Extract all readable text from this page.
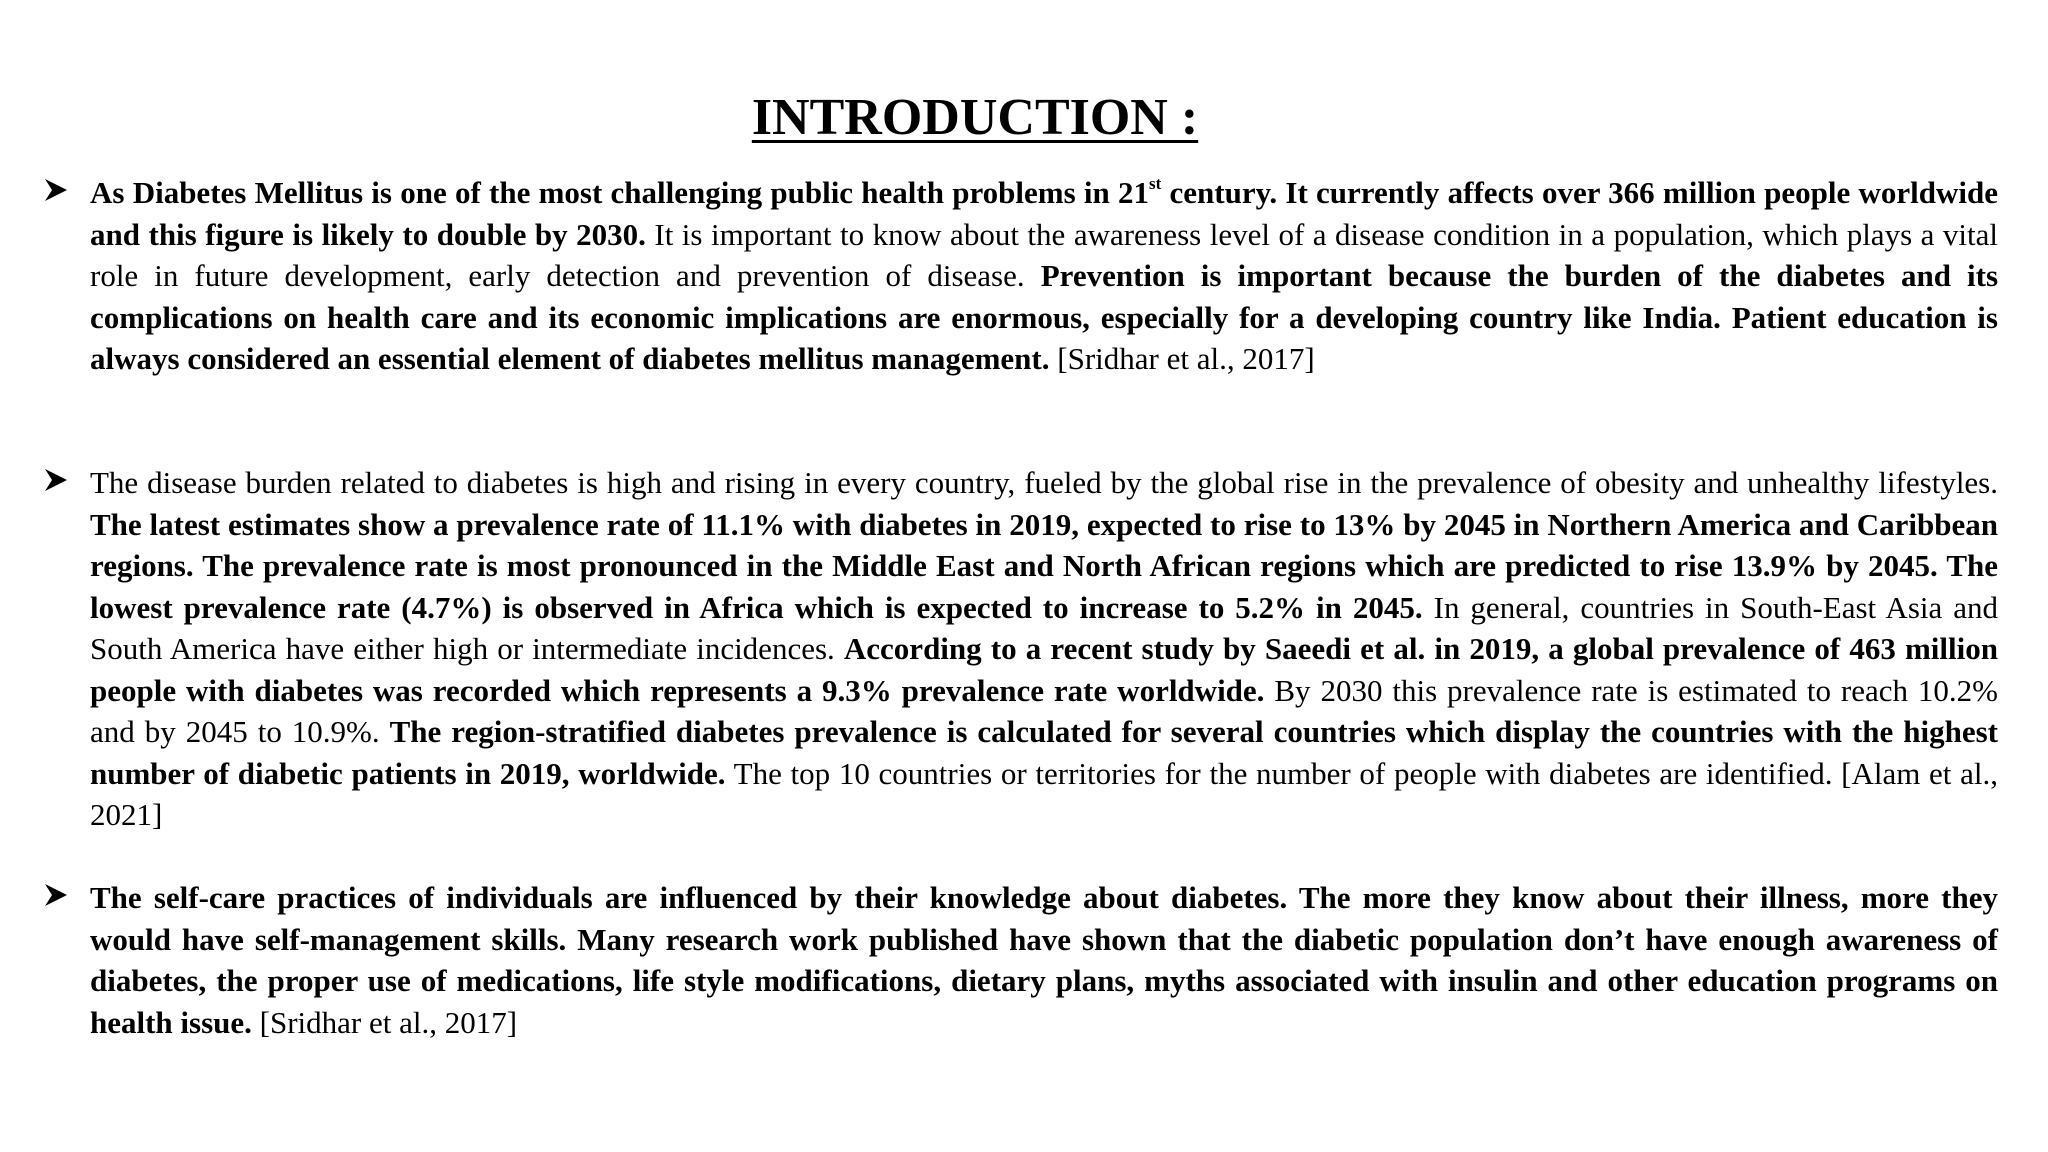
INTRODUCTION :

As Diabetes Mellitus is one of the most challenging public health problems in 21st century. It currently affects over 366 million people worldwide and this figure is likely to double by 2030. It is important to know about the awareness level of a disease condition in a population, which plays a vital role in future development, early detection and prevention of disease. Prevention is important because the burden of the diabetes and its complications on health care and its economic implications are enormous, especially for a developing country like India. Patient education is always considered an essential element of diabetes mellitus management. [Sridhar et al., 2017]

The disease burden related to diabetes is high and rising in every country, fueled by the global rise in the prevalence of obesity and unhealthy lifestyles. The latest estimates show a prevalence rate of 11.1% with diabetes in 2019, expected to rise to 13% by 2045 in Northern America and Caribbean regions. The prevalence rate is most pronounced in the Middle East and North African regions which are predicted to rise 13.9% by 2045. The lowest prevalence rate (4.7%) is observed in Africa which is expected to increase to 5.2% in 2045. In general, countries in South-East Asia and South America have either high or intermediate incidences. According to a recent study by Saeedi et al. in 2019, a global prevalence of 463 million people with diabetes was recorded which represents a 9.3% prevalence rate worldwide. By 2030 this prevalence rate is estimated to reach 10.2% and by 2045 to 10.9%. The region-stratified diabetes prevalence is calculated for several countries which display the countries with the highest number of diabetic patients in 2019, worldwide. The top 10 countries or territories for the number of people with diabetes are identified. [Alam et al., 2021]

The self-care practices of individuals are influenced by their knowledge about diabetes. The more they know about their illness, more they would have self-management skills. Many research work published have shown that the diabetic population don’t have enough awareness of diabetes, the proper use of medications, life style modifications, dietary plans, myths associated with insulin and other education programs on health issue. [Sridhar et al., 2017]
